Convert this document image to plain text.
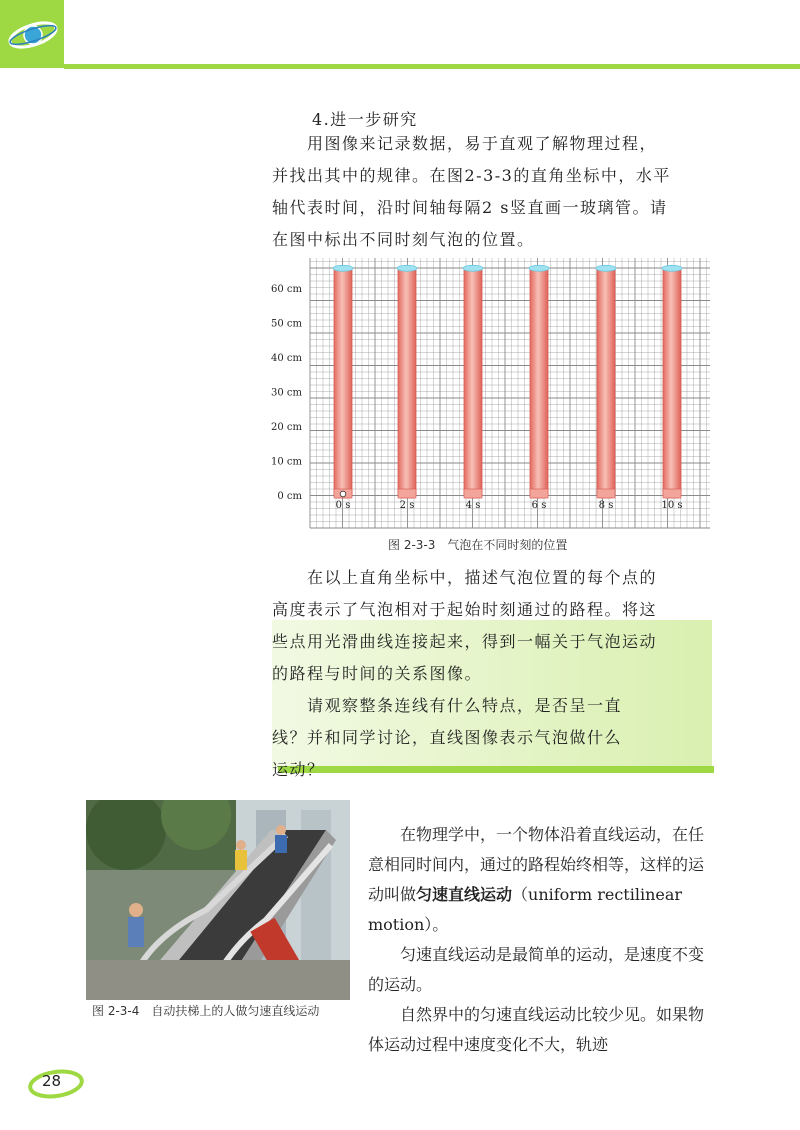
4.进一步研究

　　用图像来记录数据，易于直观了解物理过程，

并找出其中的规律。在图2-3-3的直角坐标中，水平

轴代表时间，沿时间轴每隔2 s竖直画一玻璃管。请

在图中标出不同时刻气泡的位置。

0 cm
10 cm
20 cm
30 cm
40 cm
50 cm
60 cm
0 s	2 s	4 s	6 s	8 s	10 s
图 2-3-3　气泡在不同时刻的位置

　　在以上直角坐标中，描述气泡位置的每个点的

高度表示了气泡相对于起始时刻通过的路程。将这

些点用光滑曲线连接起来，得到一幅关于气泡运动

的路程与时间的关系图像。

　　请观察整条连线有什么特点，是否呈一直

线？并和同学讨论，直线图像表示气泡做什么

运动？

图 2-3-4　自动扶梯上的人做匀速直线运动

　　在物理学中，一个物体沿着直线运动，在任意相同时间内，通过的路程始终相等，这样的运动叫做匀速直线运动（uniform rectilinear motion）。

　　匀速直线运动是最简单的运动，是速度不变的运动。

　　自然界中的匀速直线运动比较少见。如果物体运动过程中速度变化不大，轨迹

28
